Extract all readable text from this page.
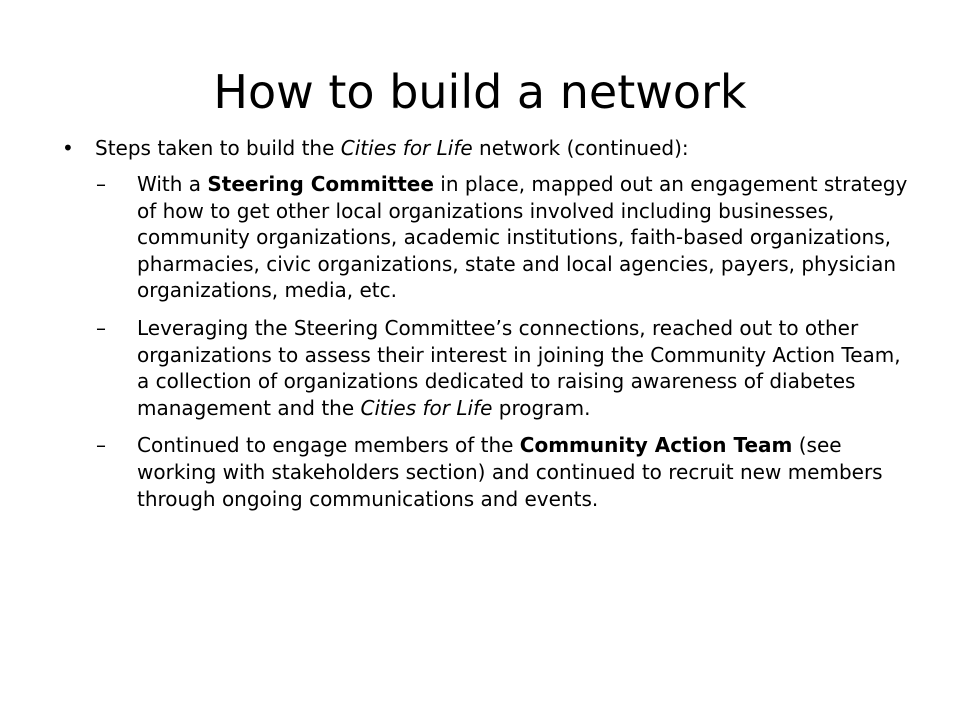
How to build a network

• Steps taken to build the Cities for Life network (continued):

– With a Steering Committee in place, mapped out an engagement strategy of how to get other local organizations involved including businesses, community organizations, academic institutions, faith-based organizations, pharmacies, civic organizations, state and local agencies, payers, physician organizations, media, etc.

– Leveraging the Steering Committee’s connections, reached out to other organizations to assess their interest in joining the Community Action Team, a collection of organizations dedicated to raising awareness of diabetes management and the Cities for Life program.

– Continued to engage members of the Community Action Team (see working with stakeholders section) and continued to recruit new members through ongoing communications and events.
